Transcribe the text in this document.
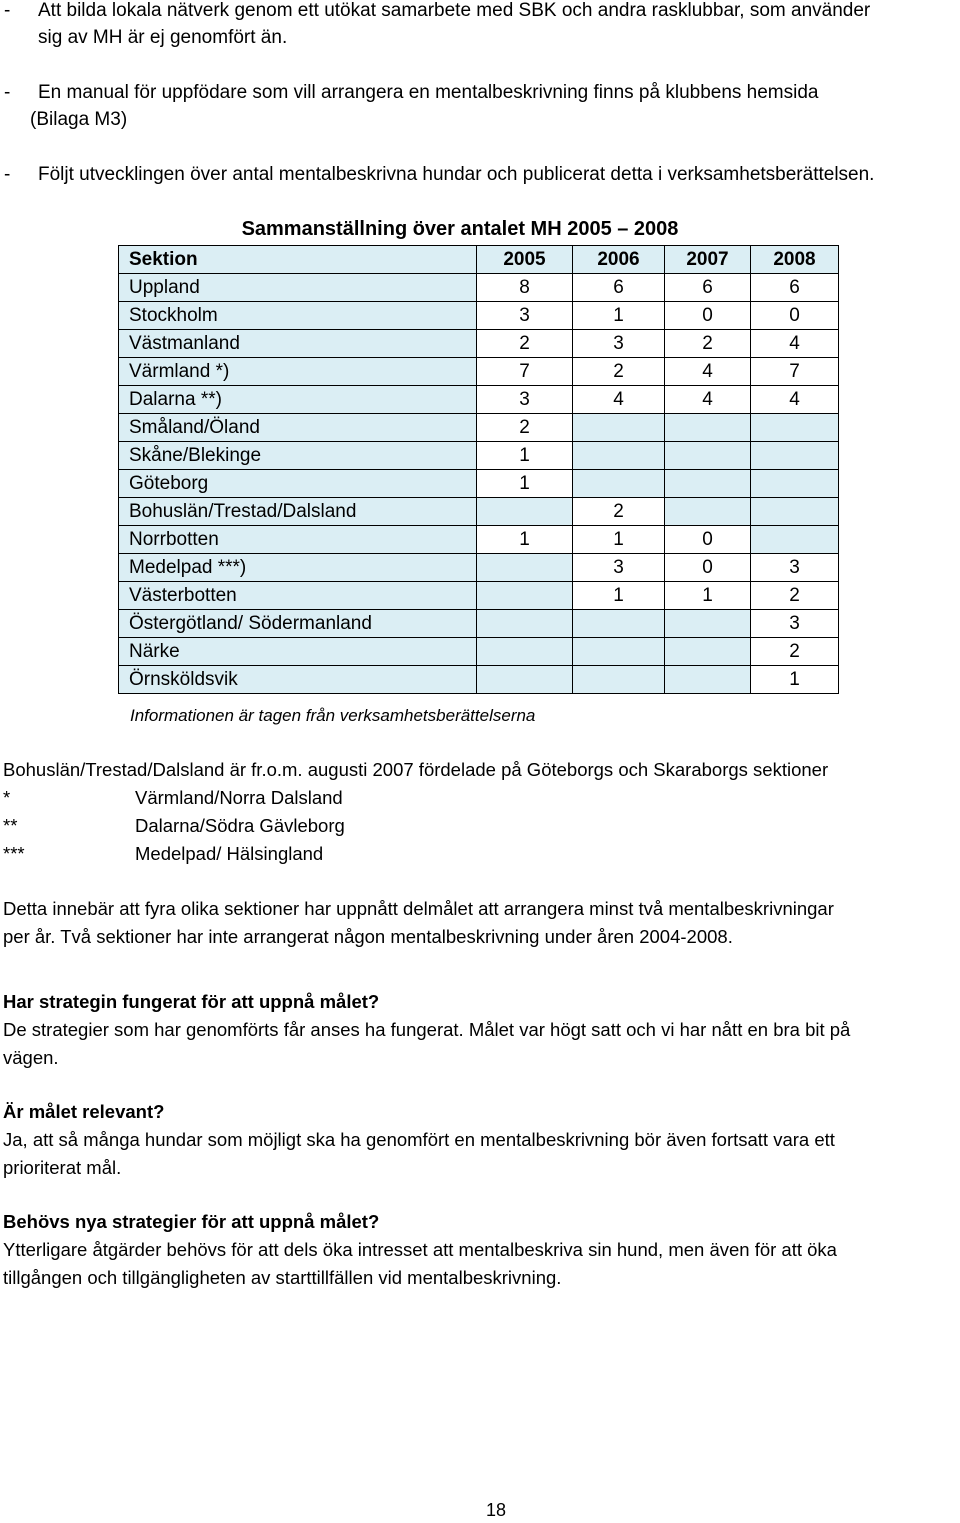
- Att bilda lokala nätverk genom ett utökat samarbete med SBK och andra rasklubbar, som använder
sig av MH är ej genomfört än.
- En manual för uppfödare som vill arrangera en mentalbeskrivning finns på klubbens hemsida
(Bilaga M3)
- Följt utvecklingen över antal mentalbeskrivna hundar och publicerat detta i verksamhetsberättelsen.
Sammanställning över antalet MH 2005 – 2008
Sektion	2005	2006	2007	2008
Uppland	8	6	6	6
Stockholm	3	1	0	0
Västmanland	2	3	2	4
Värmland *)	7	2	4	7
Dalarna **)	3	4	4	4
Småland/Öland	2			
Skåne/Blekinge	1			
Göteborg	1			
Bohuslän/Trestad/Dalsland		2		
Norrbotten	1	1	0	
Medelpad ***)		3	0	3
Västerbotten		1	1	2
Östergötland/ Södermanland				3
Närke				2
Örnsköldsvik				1
Informationen är tagen från verksamhetsberättelserna
Bohuslän/Trestad/Dalsland är fr.o.m. augusti 2007 fördelade på Göteborgs och Skaraborgs sektioner
*	Värmland/Norra Dalsland
**	Dalarna/Södra Gävleborg
***	Medelpad/ Hälsingland
Detta innebär att fyra olika sektioner har uppnått delmålet att arrangera minst två mentalbeskrivningar
per år. Två sektioner har inte arrangerat någon mentalbeskrivning under åren 2004-2008.
Har strategin fungerat för att uppnå målet?
De strategier som har genomförts får anses ha fungerat. Målet var högt satt och vi har nått en bra bit på
vägen.
Är målet relevant?
Ja, att så många hundar som möjligt ska ha genomfört en mentalbeskrivning bör även fortsatt vara ett
prioriterat mål.
Behövs nya strategier för att uppnå målet?
Ytterligare åtgärder behövs för att dels öka intresset att mentalbeskriva sin hund, men även för att öka
tillgången och tillgängligheten av starttillfällen vid mentalbeskrivning.
18
